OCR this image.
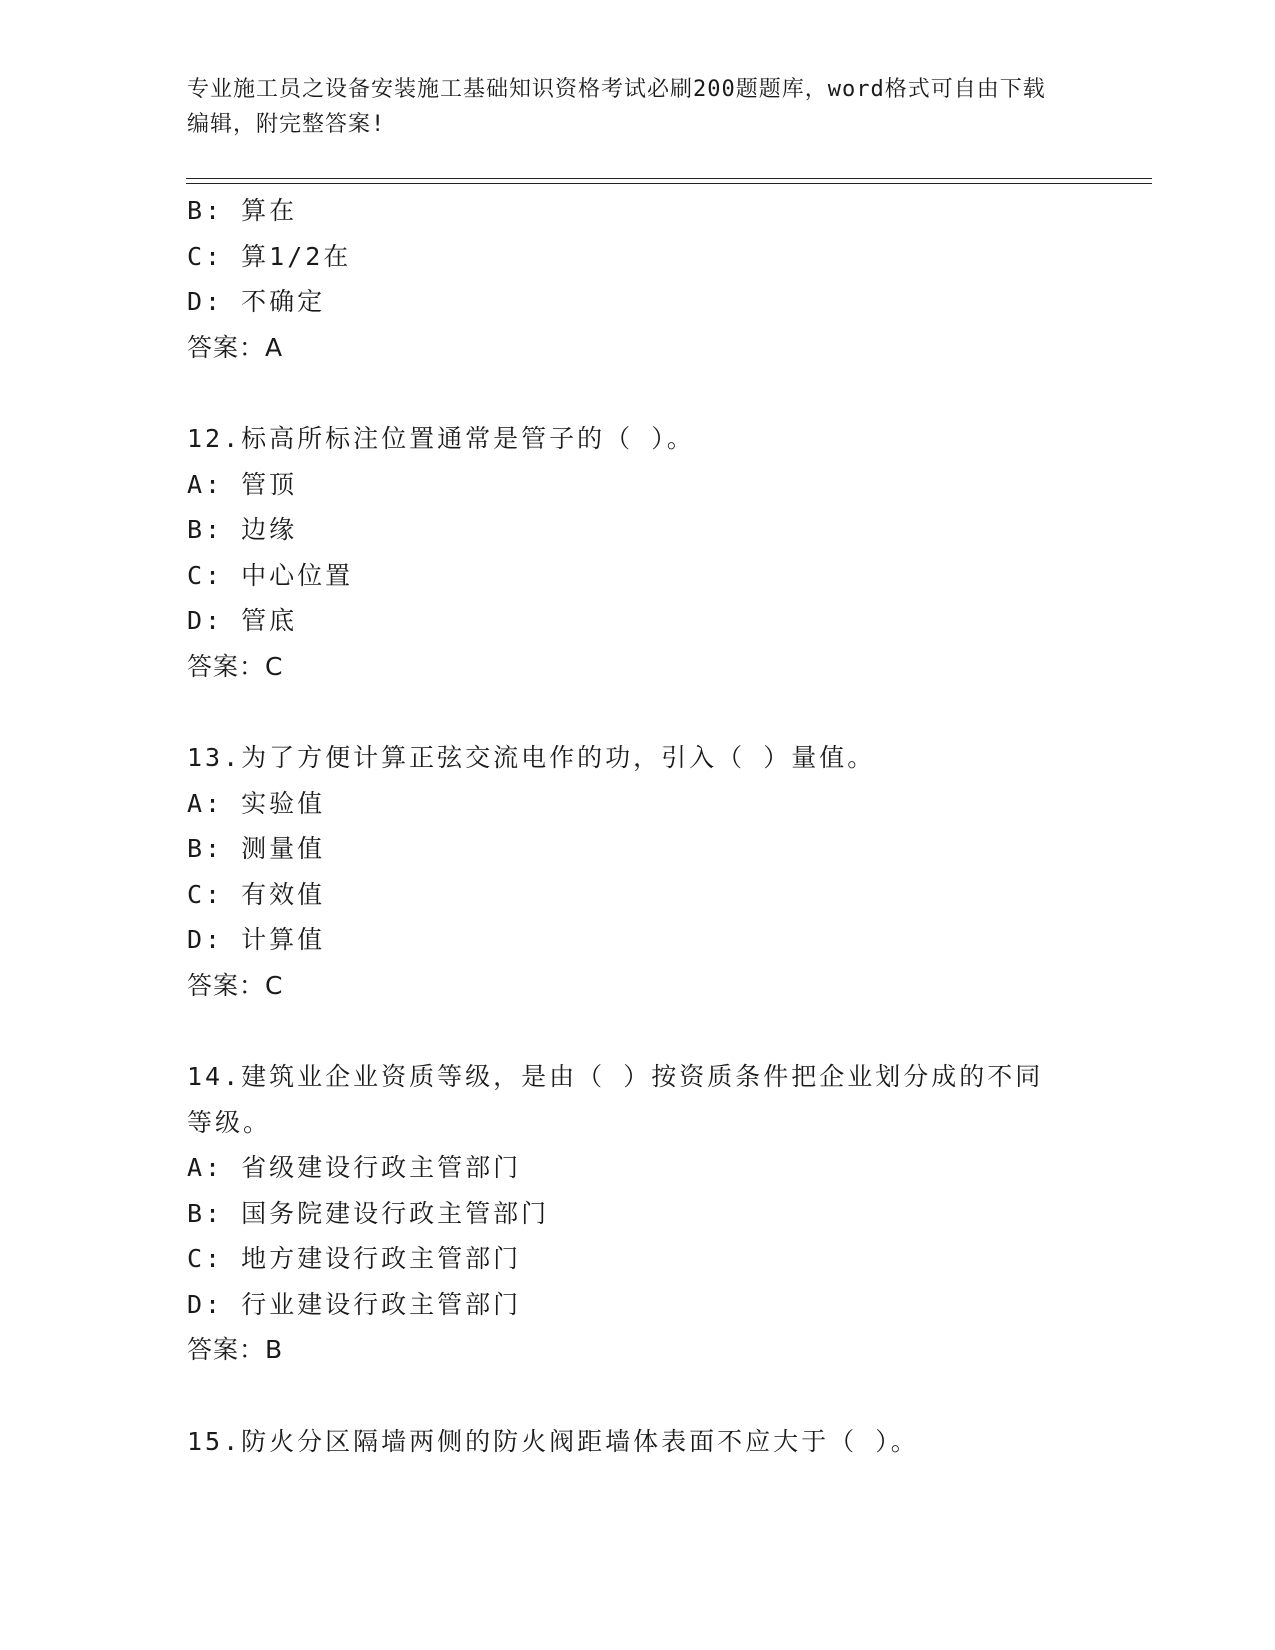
专业施工员之设备安装施工基础知识资格考试必刷200题题库，word格式可自由下载编辑，附完整答案!
B: 算在
C: 算1/2在
D: 不确定
答案：A
12.标高所标注位置通常是管子的（ ）。
A: 管顶
B: 边缘
C: 中心位置
D: 管底
答案：C
13.为了方便计算正弦交流电作的功，引入（ ）量值。
A: 实验值
B: 测量值
C: 有效值
D: 计算值
答案：C
14.建筑业企业资质等级，是由（ ）按资质条件把企业划分成的不同等级。
A: 省级建设行政主管部门
B: 国务院建设行政主管部门
C: 地方建设行政主管部门
D: 行业建设行政主管部门
答案：B
15.防火分区隔墙两侧的防火阀距墙体表面不应大于（ ）。
